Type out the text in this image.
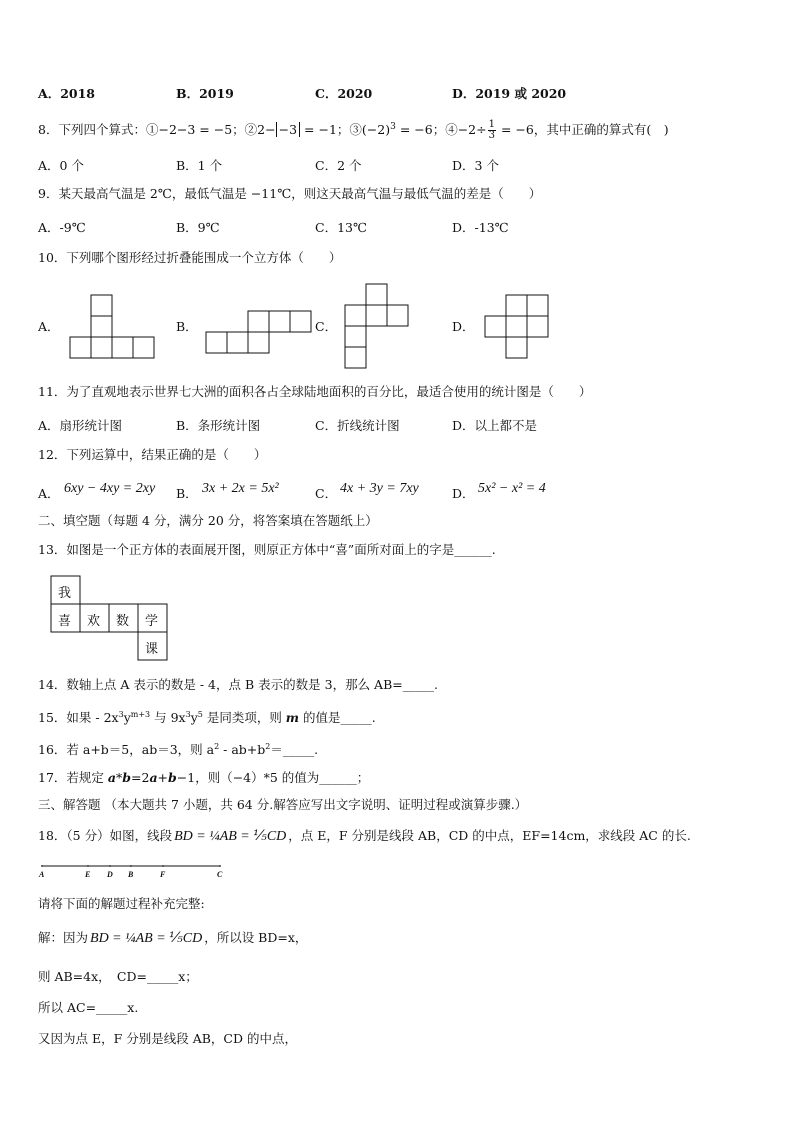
A．2018	B．2019	C．2020	D．2019 或 2020
8．下列四个算式：①−2−3 = −5；②2− −3 = −1；$③(-2)^3 = -6$；④−2÷ $\frac{1}{3} = -6$，其中正确的算式有(　)
A．0 个	B．1 个	C．2 个	D．3 个
9．某天最高气温是 2℃，最低气温是 −11℃，则这天最高气温与最低气温的差是（　　）
A．-9℃	B．9℃	C．13℃	D．-13℃
10．下列哪个图形经过折叠能围成一个立方体（　　）
A．	B．	C．	D．
11．为了直观地表示世界七大洲的面积各占全球陆地面积的百分比，最适合使用的统计图是（　　）
A．扇形统计图	B．条形统计图	C．折线统计图	D．以上都不是
12．下列运算中，结果正确的是（　　）
A． 6xy − 4xy = 2xy B． 3x + 2x = 5x²	C． 4x + 3y = 7xy	D． 5x² − x² = 4
二、填空题（每题 4 分，满分 20 分，将答案填在答题纸上）
13．如图是一个正方体的表面展开图，则原正方体中“喜”面所对面上的字是______.
我
喜 欢 数 学
课
14．数轴上点 A 表示的数是 - 4，点 B 表示的数是 3，那么 AB=_____.
15．如果 - $2x^3y^{m+3}$ 与 $9x^3y^5$ 是同类项，则 m 的值是_____.
16．若 a+b＝5，ab＝3，则 $a^2$ - $ab+b^2=\_\_\_\_\_$.
17．若规定 a*b=2a+b−1，则（−4）*5 的值为______；
三、解答题 （本大题共 7 小题，共 64 分.解答应写出文字说明、证明过程或演算步骤.）
18．（5 分）如图，线段 BD = ¼AB = ⅕CD ，点 E，F 分别是线段 AB，CD 的中点，EF=14cm，求线段 AC 的长.
A	E D B	F	C
请将下面的解题过程补充完整:
解：因为 BD = ¼AB = ⅕CD ，所以设 BD=x，
则 AB=4x，　CD=_____x；
所以 AC=_____x.
又因为点 E，F 分别是线段 AB，CD 的中点，
